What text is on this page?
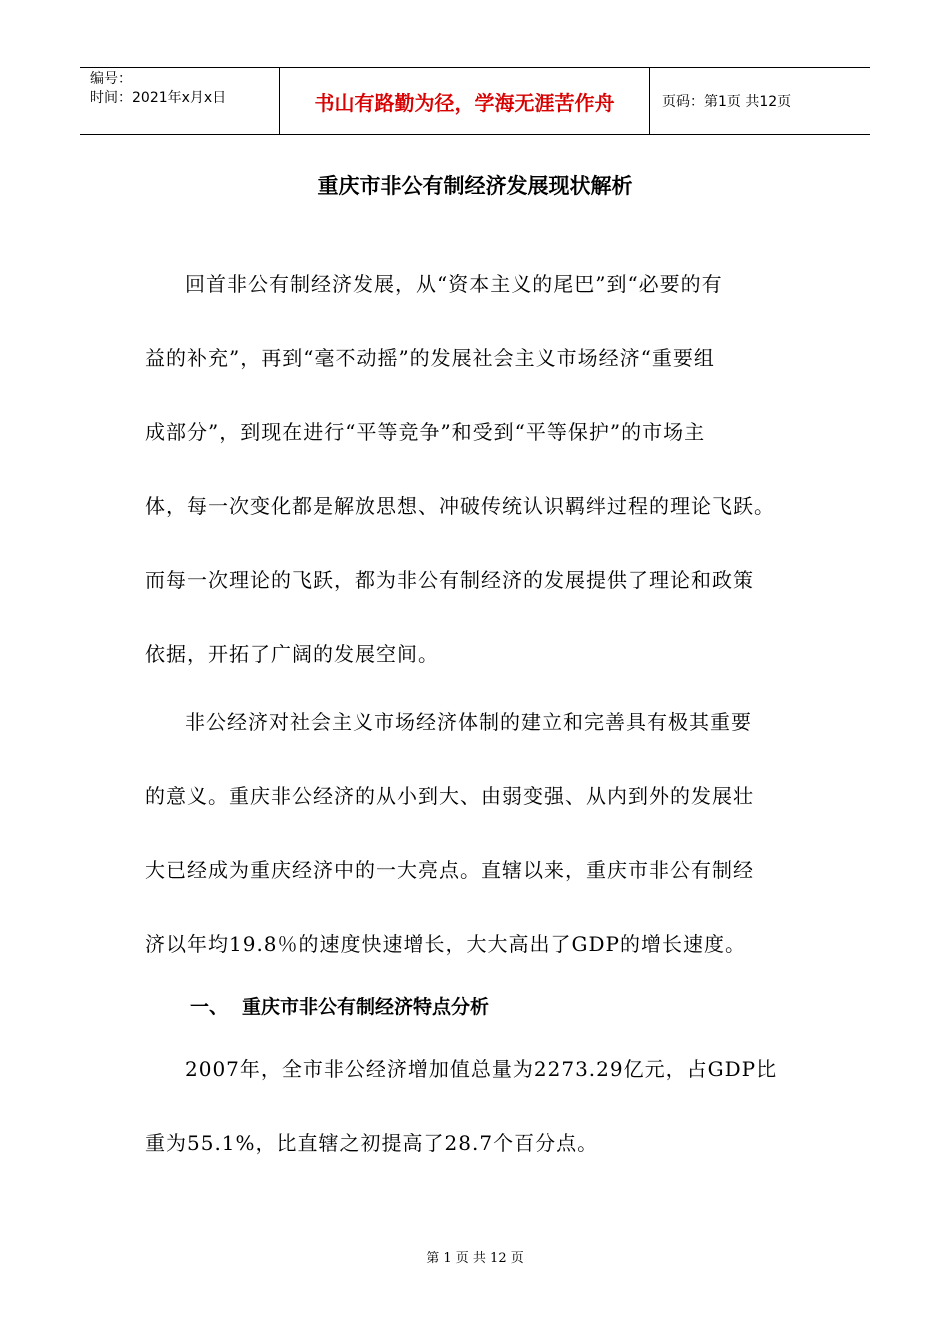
编号：
时间：2021年x月x日	书山有路勤为径，学海无涯苦作舟	页码：第1页 共12页
重庆市非公有制经济发展现状解析
回首非公有制经济发展，从“资本主义的尾巴”到“必要的有
益的补充”，再到“毫不动摇”的发展社会主义市场经济“重要组
成部分”，到现在进行“平等竞争”和受到“平等保护”的市场主
体，每一次变化都是解放思想、冲破传统认识羁绊过程的理论飞跃。
而每一次理论的飞跃，都为非公有制经济的发展提供了理论和政策
依据，开拓了广阔的发展空间。
非公经济对社会主义市场经济体制的建立和完善具有极其重要
的意义。重庆非公经济的从小到大、由弱变强、从内到外的发展壮
大已经成为重庆经济中的一大亮点。直辖以来，重庆市非公有制经
济以年均19.8％的速度快速增长，大大高出了GDP的增长速度。
一、 重庆市非公有制经济特点分析
2007年，全市非公经济增加值总量为2273.29亿元，占GDP比
重为55.1%，比直辖之初提高了28.7个百分点。
第 1 页 共 12 页
